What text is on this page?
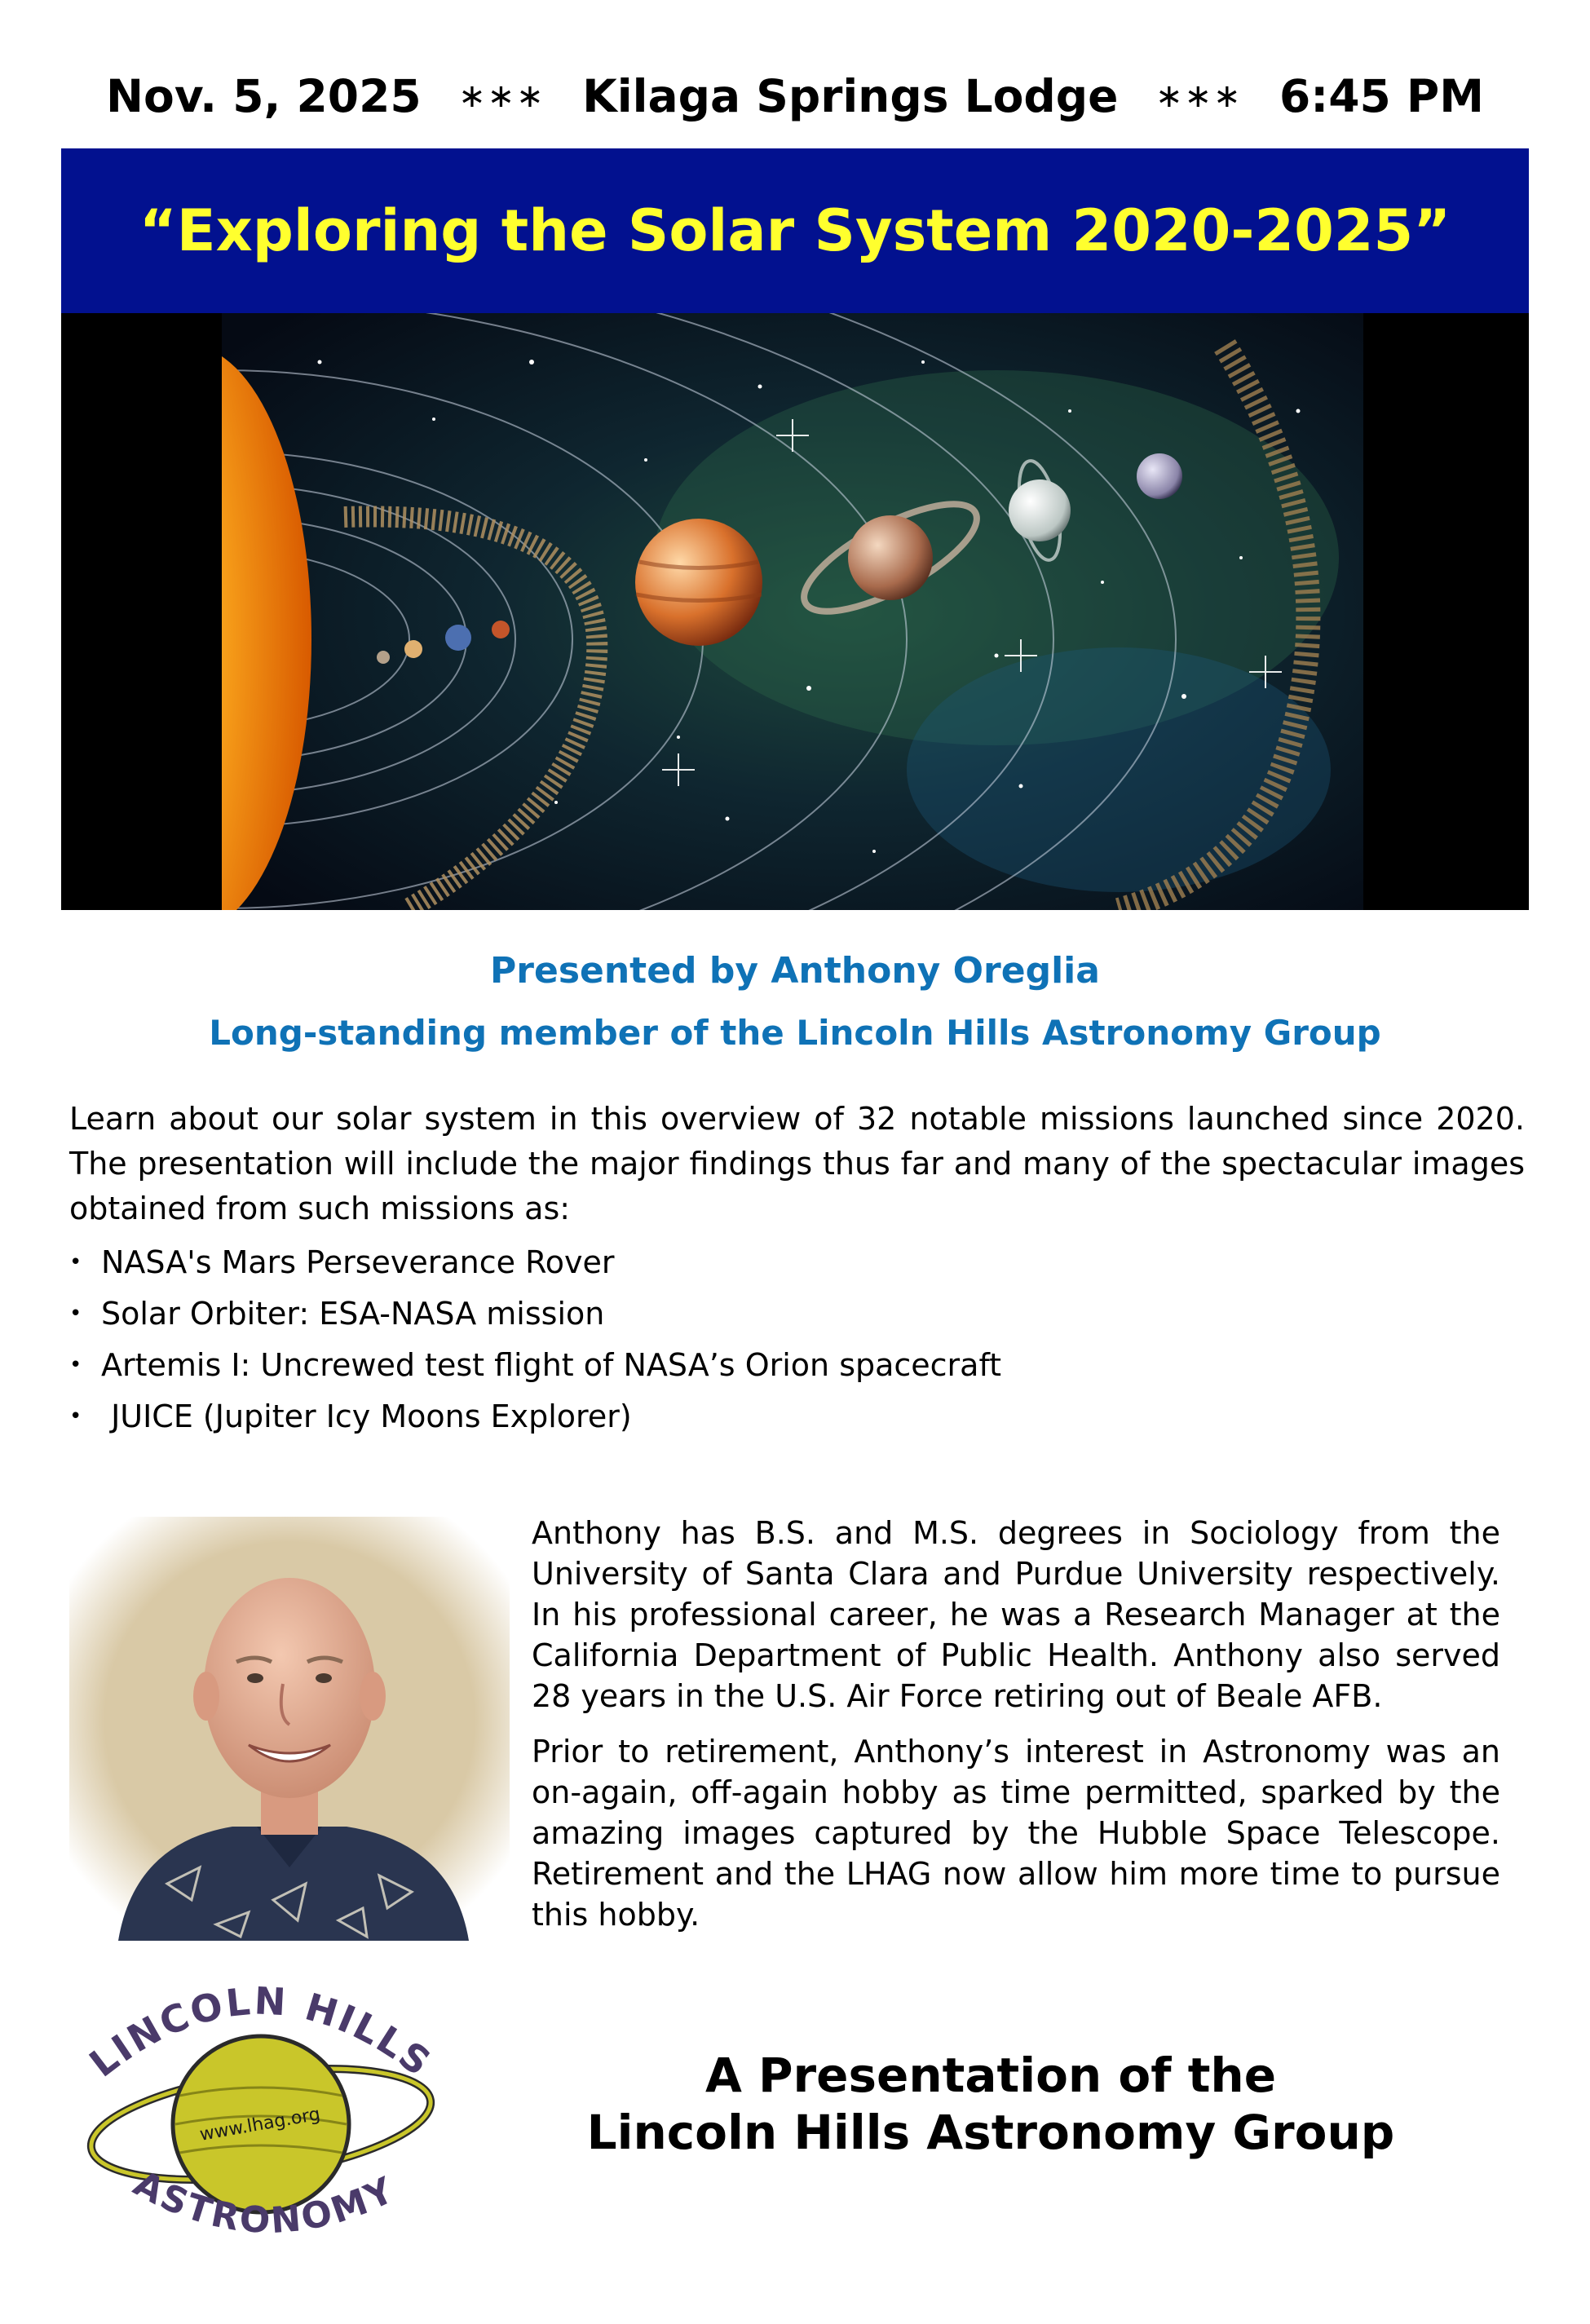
Nov. 5, 2025 ∗∗∗ Kilaga Springs Lodge ∗∗∗ 6:45 PM
“Exploring the Solar System 2020-2025”
Presented by Anthony Oreglia
Long-standing member of the Lincoln Hills Astronomy Group
Learn about our solar system in this overview of 32 notable missions launched since 2020. The presentation will include the major findings thus far and many of the spectacular images obtained from such missions as:
• NASA's Mars Perseverance Rover
• Solar Orbiter: ESA-NASA mission
• Artemis I: Uncrewed test flight of NASA’s Orion spacecraft
• JUICE (Jupiter Icy Moons Explorer)

Anthony has B.S. and M.S. degrees in Sociology from the University of Santa Clara and Purdue University respectively. In his professional career, he was a Research Manager at the California Department of Public Health. Anthony also served 28 years in the U.S. Air Force retiring out of Beale AFB.

Prior to retirement, Anthony’s interest in Astronomy was an on-again, off-again hobby as time permitted, sparked by the amazing images captured by the Hubble Space Telescope. Retirement and the LHAG now allow him more time to pursue this hobby.

LINCOLN HILLS
www.lhag.org
ASTRONOMY
A Presentation of the
Lincoln Hills Astronomy Group
